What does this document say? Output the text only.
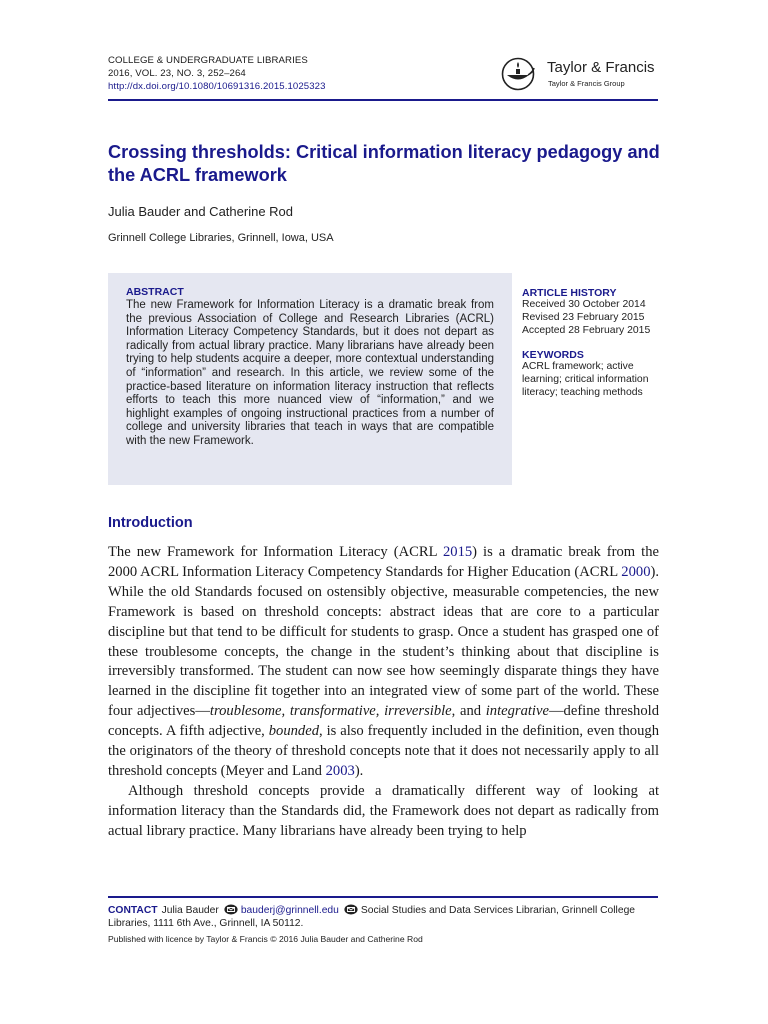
COLLEGE & UNDERGRADUATE LIBRARIES
2016, VOL. 23, NO. 3, 252–264
http://dx.doi.org/10.1080/10691316.2015.1025323
Taylor & Francis
Taylor & Francis Group
Crossing thresholds: Critical information literacy pedagogy and the ACRL framework
Julia Bauder and Catherine Rod
Grinnell College Libraries, Grinnell, Iowa, USA
ABSTRACT
The new Framework for Information Literacy is a dramatic break from the previous Association of College and Research Libraries (ACRL) Information Literacy Competency Standards, but it does not depart as radically from actual library practice. Many librarians have already been trying to help students acquire a deeper, more contextual understanding of “information” and research. In this article, we review some of the practice-based literature on information literacy instruction that reflects efforts to teach this more nuanced view of “information,” and we highlight examples of ongoing instructional practices from a number of college and university libraries that teach in ways that are compatible with the new Framework.
ARTICLE HISTORY
Received 30 October 2014
Revised 23 February 2015
Accepted 28 February 2015
KEYWORDS
ACRL framework; active learning; critical information literacy; teaching methods
Introduction

The new Framework for Information Literacy (ACRL 2015) is a dramatic break from the 2000 ACRL Information Literacy Competency Standards for Higher Education (ACRL 2000). While the old Standards focused on ostensibly objective, measurable competencies, the new Framework is based on threshold concepts: abstract ideas that are core to a particular discipline but that tend to be difficult for students to grasp. Once a student has grasped one of these troublesome concepts, the change in the student’s thinking about that discipline is irreversibly transformed. The student can now see how seemingly disparate things they have learned in the discipline fit together into an integrated view of some part of the world. These four adjectives—troublesome, transformative, irreversible, and integrative—define threshold concepts. A fifth adjective, bounded, is also frequently included in the definition, even though the originators of the theory of threshold concepts note that it does not necessarily apply to all threshold concepts (Meyer and Land 2003).

Although threshold concepts provide a dramatically different way of looking at information literacy than the Standards did, the Framework does not depart as radically from actual library practice. Many librarians have already been trying to help

CONTACT Julia Bauder bauderj@grinnell.edu Social Studies and Data Services Librarian, Grinnell College Libraries, 1111 6th Ave., Grinnell, IA 50112.
Published with licence by Taylor & Francis © 2016 Julia Bauder and Catherine Rod
